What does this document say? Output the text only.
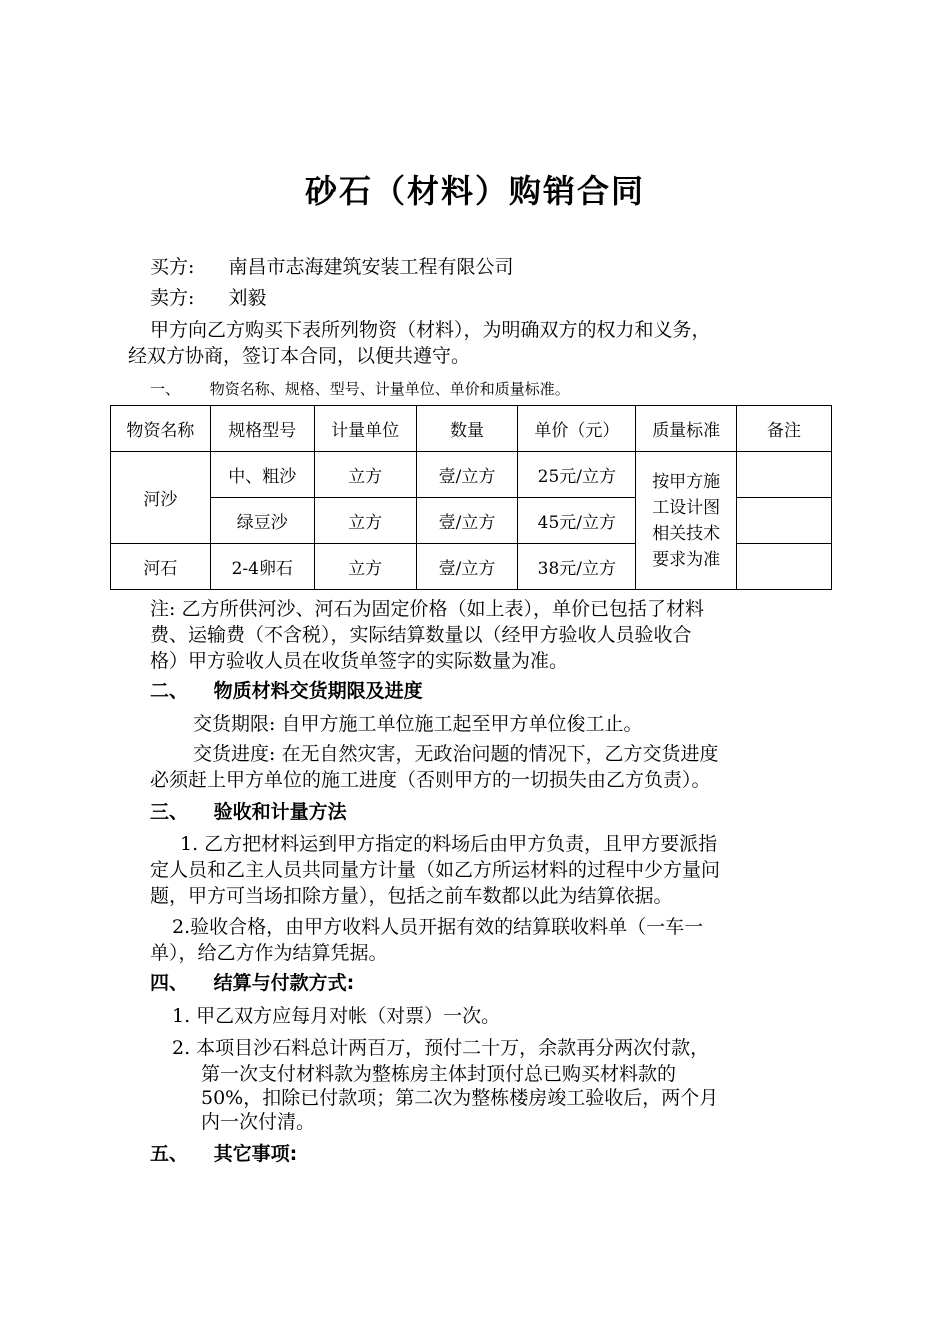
砂石（材料）购销合同
买方: 南昌市志海建筑安装工程有限公司
卖方: 刘毅
甲方向乙方购买下表所列物资（材料），为明确双方的权力和义务，
经双方协商，签订本合同，以便共遵守。
一、 物资名称、规格、型号、计量单位、单价和质量标准。
物资名称	规格型号	计量单位	数量	单价（元）	质量标准	备注
河沙	中、粗沙	立方	壹/立方	25元/立方	按甲方施
工设计图
相关技术
要求为准	

	绿豆沙	立方	壹/立方	45元/立方		
河石	2-4卵石	立方	壹/立方	38元/立方		
注: 乙方所供河沙、河石为固定价格（如上表），单价已包括了材料
费、运输费（不含税），实际结算数量以（经甲方验收人员验收合
格）甲方验收人员在收货单签字的实际数量为准。
二、 物质材料交货期限及进度
交货期限: 自甲方施工单位施工起至甲方单位俊工止。
交货进度: 在无自然灾害，无政治问题的情况下，乙方交货进度
必须赶上甲方单位的施工进度（否则甲方的一切损失由乙方负责）。
三、 验收和计量方法
1. 乙方把材料运到甲方指定的料场后由甲方负责，且甲方要派指
定人员和乙主人员共同量方计量（如乙方所运材料的过程中少方量问
题，甲方可当场扣除方量），包括之前车数都以此为结算依据。
2.验收合格，由甲方收料人员开据有效的结算联收料单（一车一
单），给乙方作为结算凭据。
四、 结算与付款方式:
1. 甲乙双方应每月对帐（对票）一次。
2. 本项目沙石料总计两百万，预付二十万，余款再分两次付款，
第一次支付材料款为整栋房主体封顶付总已购买材料款的
50%，扣除已付款项；第二次为整栋楼房竣工验收后，两个月
内一次付清。
五、 其它事项:
